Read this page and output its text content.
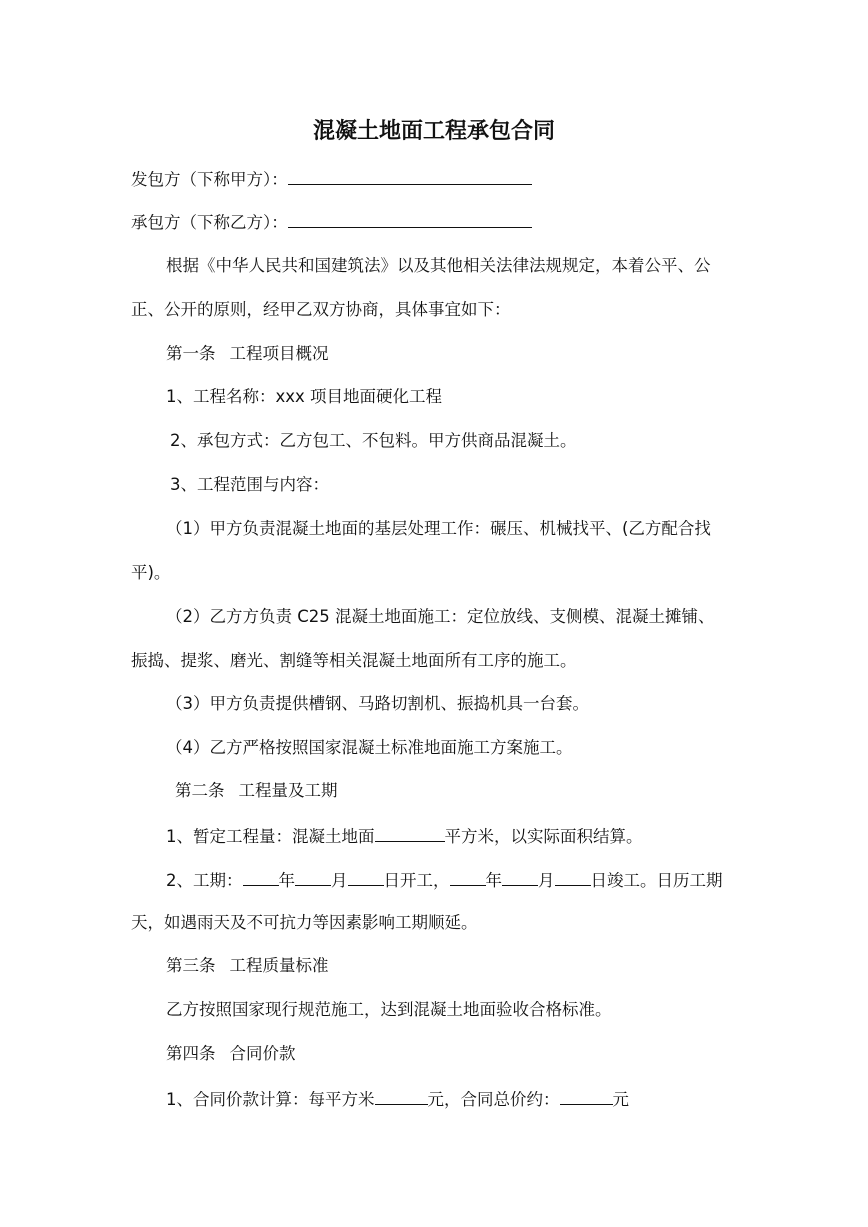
混凝土地面工程承包合同
发包方（下称甲方）：
承包方（下称乙方）：
根据《中华人民共和国建筑法》以及其他相关法律法规规定，本着公平、公
正、公开的原则，经甲乙双方协商，具体事宜如下：
第一条 工程项目概况
1、工程名称：xxx 项目地面硬化工程
2、承包方式：乙方包工、不包料。甲方供商品混凝土。
3、工程范围与内容：
（1）甲方负责混凝土地面的基层处理工作：碾压、机械找平、(乙方配合找
平)。
（2）乙方方负责 C25 混凝土地面施工：定位放线、支侧模、混凝土摊铺、
振捣、提浆、磨光、割缝等相关混凝土地面所有工序的施工。
（3）甲方负责提供槽钢、马路切割机、振捣机具一台套。
（4）乙方严格按照国家混凝土标准地面施工方案施工。
第二条 工程量及工期
1、暂定工程量：混凝土地面	平方米，以实际面积结算。
2、工期： 年 月 日开工， 年 月 日竣工。日历工期
天，如遇雨天及不可抗力等因素影响工期顺延。
第三条 工程质量标准
乙方按照国家现行规范施工，达到混凝土地面验收合格标准。
第四条 合同价款
1、合同价款计算：每平方米	元，合同总价约：	元
